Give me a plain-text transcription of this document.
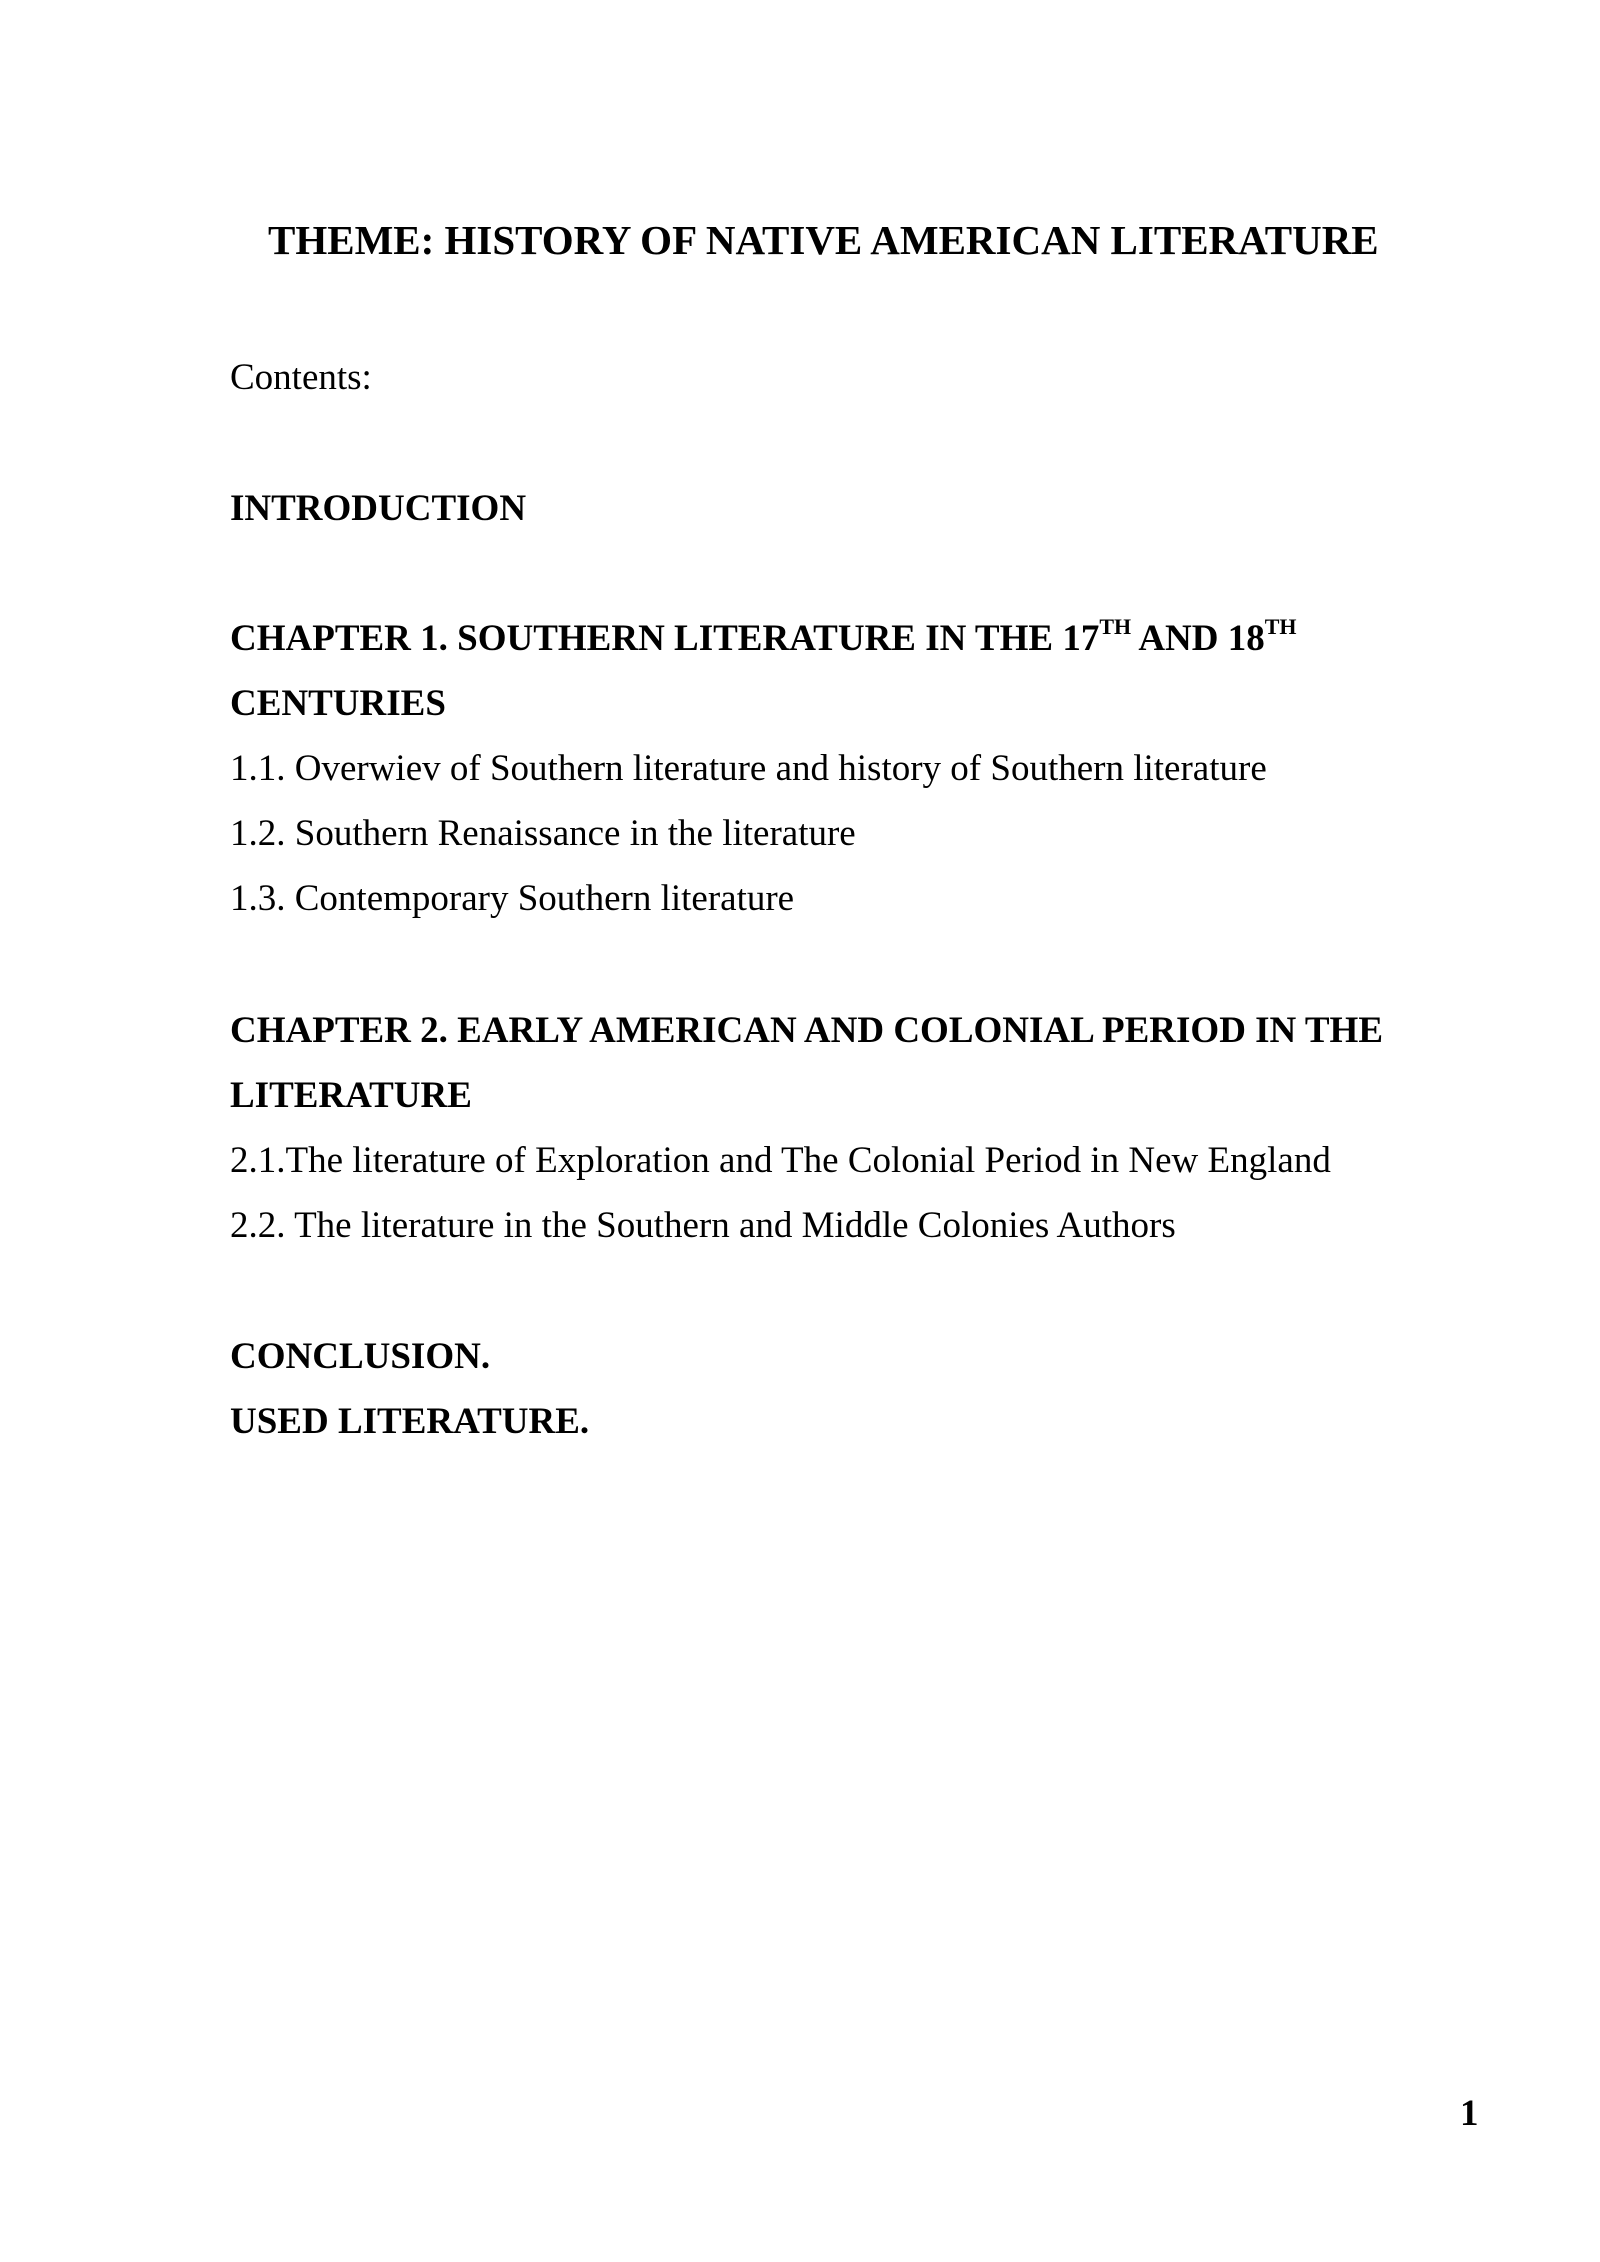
THEME: HISTORY OF NATIVE AMERICAN LITERATURE
Contents:
INTRODUCTION
CHAPTER 1. SOUTHERN LITERATURE IN THE 17TH AND 18TH
CENTURIES
1.1. Overwiev of Southern literature and history of Southern literature
1.2. Southern Renaissance in the literature
1.3. Contemporary Southern literature
CHAPTER 2. EARLY AMERICAN AND COLONIAL PERIOD IN THE
LITERATURE
2.1.The literature of Exploration and The Colonial Period in New England
2.2. The literature in the Southern and Middle Colonies Authors
CONCLUSION.
USED LITERATURE.
1
